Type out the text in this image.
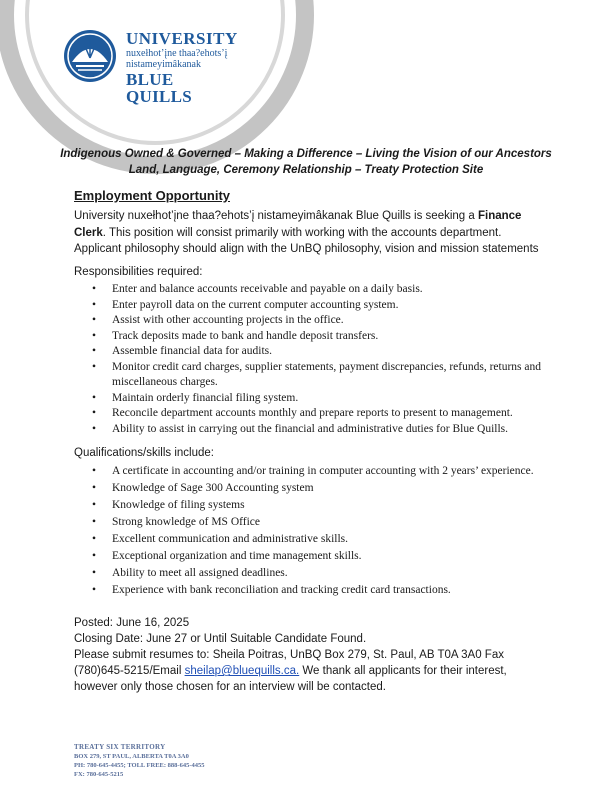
UNIVERSITY
nuxełhot’įne thaa?ehots’į
nistameyimâkanak
BLUE QUILLS
Indigenous Owned & Governed – Making a Difference – Living the Vision of our Ancestors
Land, Language, Ceremony Relationship – Treaty Protection Site
Employment Opportunity
University nuxełhot’įne thaa?ehots’į nistameyimâkanak Blue Quills is seeking a Finance Clerk. This position will consist primarily with working with the accounts department. Applicant philosophy should align with the UnBQ philosophy, vision and mission statements
Responsibilities required:
• Enter and balance accounts receivable and payable on a daily basis.
• Enter payroll data on the current computer accounting system.
• Assist with other accounting projects in the office.
• Track deposits made to bank and handle deposit transfers.
• Assemble financial data for audits.
• Monitor credit card charges, supplier statements, payment discrepancies, refunds, returns and miscellaneous charges.
• Maintain orderly financial filing system.
• Reconcile department accounts monthly and prepare reports to present to management.
• Ability to assist in carrying out the financial and administrative duties for Blue Quills.
Qualifications/skills include:
• A certificate in accounting and/or training in computer accounting with 2 years’ experience.
• Knowledge of Sage 300 Accounting system
• Knowledge of filing systems
• Strong knowledge of MS Office
• Excellent communication and administrative skills.
• Exceptional organization and time management skills.
• Ability to meet all assigned deadlines.
• Experience with bank reconciliation and tracking credit card transactions.
Posted: June 16, 2025
Closing Date: June 27 or Until Suitable Candidate Found.
Please submit resumes to: Sheila Poitras, UnBQ Box 279, St. Paul, AB T0A 3A0 Fax (780)645-5215/Email sheilap@bluequills.ca. We thank all applicants for their interest, however only those chosen for an interview will be contacted.
TREATY SIX TERRITORY
BOX 279, ST PAUL, ALBERTA T0A 3A0
PH: 780-645-4455; TOLL FREE: 888-645-4455
FX: 780-645-5215
